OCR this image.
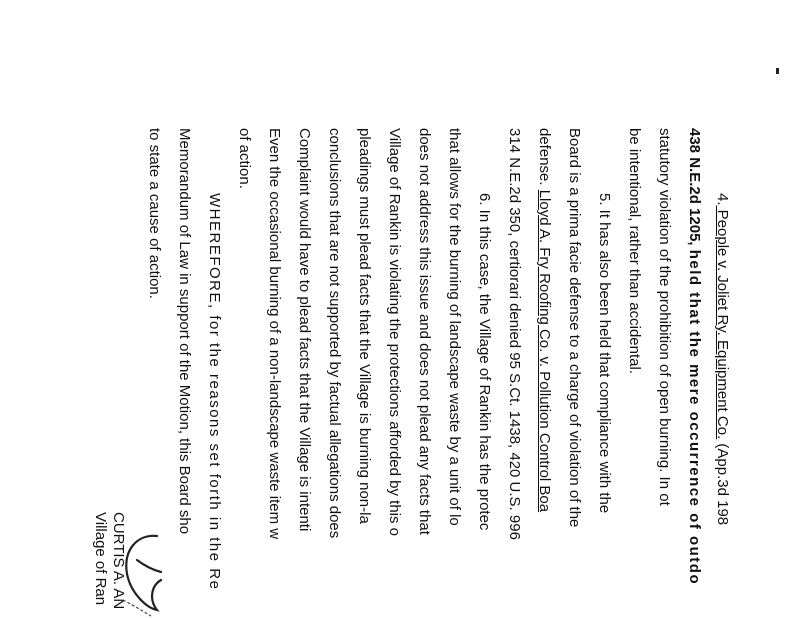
4. People v. Joliet Ry. Equipment Co. (App.3d 198
438 N.E.2d 1205, held that the mere occurrence of outdo
statutory violation of the prohibition of open burning. In ot
be intentional, rather than accidental.
5. It has also been held that compliance with the
Board is a prima facie defense to a charge of violation of the
defense. Lloyd A. Fry Roofing Co. v. Pollution Control Boa
314 N.E.2d 350, certiorari denied 95 S.Ct. 1438, 420 U.S. 996
6. In this case, the Village of Rankin has the protec
that allows for the burning of landscape waste by a unit of lo
does not address this issue and does not plead any facts that
Village of Rankin is violating the protections afforded by this o
pleadings must plead facts that the Village is burning non-la
conclusions that are not supported by factual allegations does
Complaint would have to plead facts that the Village is intenti
Even the occasional burning of a non-landscape waste item w
of action.
WHEREFORE, for the reasons set forth in the Re
Memorandum of Law in support of the Motion, this Board sho
to state a cause of action.
CURTIS A. AN
Village of Ran
